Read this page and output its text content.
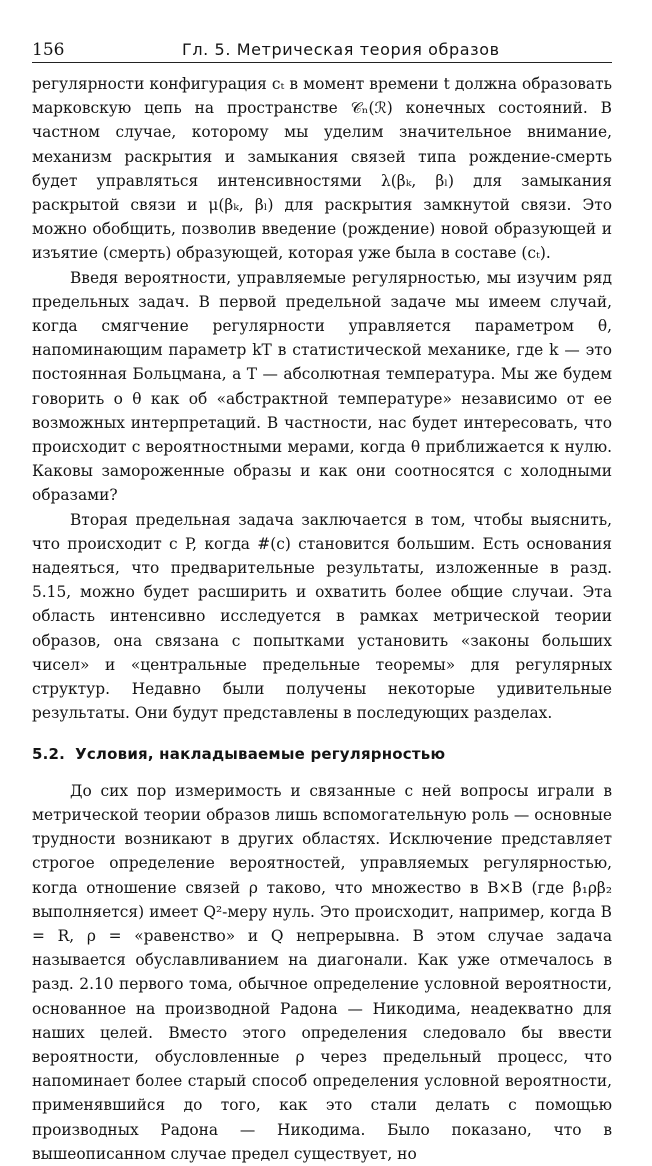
156	Гл. 5. Метрическая теория образов

регулярности конфигурация cₜ в момент времени t должна образовать марковскую цепь на пространстве 𝒞ₙ(ℛ) конечных состояний. В частном случае, которому мы уделим значительное внимание, механизм раскрытия и замыкания связей типа рождение-смерть будет управляться интенсивностями λ(βₖ, βₗ) для замыкания раскрытой связи и μ(βₖ, βₗ) для раскрытия замкнутой связи. Это можно обобщить, позволив введение (рождение) новой образующей и изъятие (смерть) образующей, которая уже была в составе (cₜ).

Введя вероятности, управляемые регулярностью, мы изучим ряд предельных задач. В первой предельной задаче мы имеем случай, когда смягчение регулярности управляется параметром θ, напоминающим параметр kT в статистической механике, где k — это постоянная Больцмана, а T — абсолютная температура. Мы же будем говорить о θ как об «абстрактной температуре» независимо от ее возможных интерпретаций. В частности, нас будет интересовать, что происходит с вероятностными мерами, когда θ приближается к нулю. Каковы замороженные образы и как они соотносятся с холодными образами?

Вторая предельная задача заключается в том, чтобы выяснить, что происходит с P, когда #(c) становится большим. Есть основания надеяться, что предварительные результаты, изложенные в разд. 5.15, можно будет расширить и охватить более общие случаи. Эта область интенсивно исследуется в рамках метрической теории образов, она связана с попытками установить «законы больших чисел» и «центральные предельные теоремы» для регулярных структур. Недавно были получены некоторые удивительные результаты. Они будут представлены в последующих разделах.

5.2. Условия, накладываемые регулярностью

До сих пор измеримость и связанные с ней вопросы играли в метрической теории образов лишь вспомогательную роль — основные трудности возникают в других областях. Исключение представляет строгое определение вероятностей, управляемых регулярностью, когда отношение связей ρ таково, что множество в B×B (где β₁ρβ₂ выполняется) имеет Q²-меру нуль. Это происходит, например, когда B = R, ρ = «равенство» и Q непрерывна. В этом случае задача называется обуславливанием на диагонали. Как уже отмечалось в разд. 2.10 первого тома, обычное определение условной вероятности, основанное на производной Радона — Никодима, неадекватно для наших целей. Вместо этого определения следовало бы ввести вероятности, обусловленные ρ через предельный процесс, что напоминает более старый способ определения условной вероятности, применявшийся до того, как это стали делать с помощью производных Радона — Никодима. Было показано, что в вышеописанном случае предел существует, но
